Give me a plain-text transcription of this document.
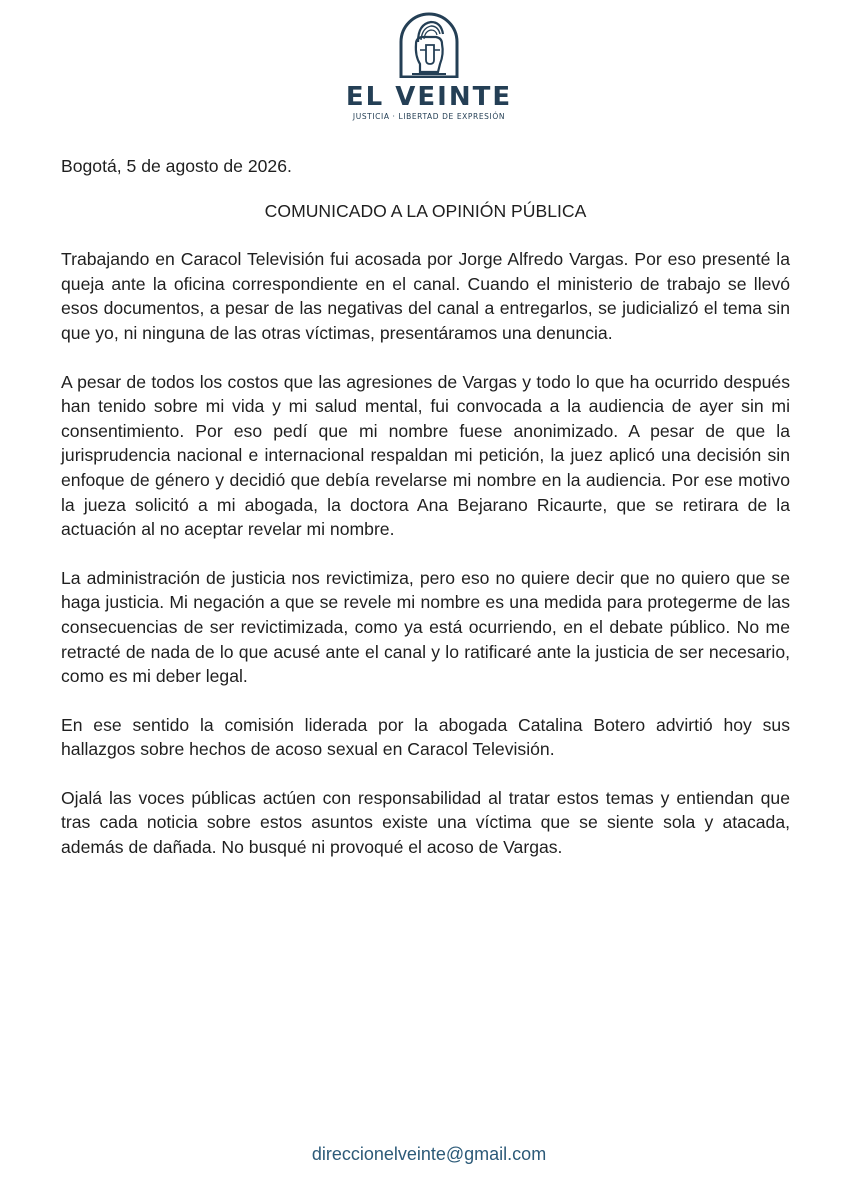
EL VEINTE
JUSTICIA · LIBERTAD DE EXPRESIÓN

Bogotá, 5 de agosto de 2026.

COMUNICADO A LA OPINIÓN PÚBLICA

Trabajando en Caracol Televisión fui acosada por Jorge Alfredo Vargas. Por eso presenté la queja ante la oficina correspondiente en el canal. Cuando el ministerio de trabajo se llevó esos documentos, a pesar de las negativas del canal a entregarlos, se judicializó el tema sin que yo, ni ninguna de las otras víctimas, presentáramos una denuncia.

A pesar de todos los costos que las agresiones de Vargas y todo lo que ha ocurrido después han tenido sobre mi vida y mi salud mental, fui convocada a la audiencia de ayer sin mi consentimiento. Por eso pedí que mi nombre fuese anonimizado. A pesar de que la jurisprudencia nacional e internacional respaldan mi petición, la juez aplicó una decisión sin enfoque de género y decidió que debía revelarse mi nombre en la audiencia. Por ese motivo la jueza solicitó a mi abogada, la doctora Ana Bejarano Ricaurte, que se retirara de la actuación al no aceptar revelar mi nombre.

La administración de justicia nos revictimiza, pero eso no quiere decir que no quiero que se haga justicia. Mi negación a que se revele mi nombre es una medida para protegerme de las consecuencias de ser revictimizada, como ya está ocurriendo, en el debate público. No me retracté de nada de lo que acusé ante el canal y lo ratificaré ante la justicia de ser necesario, como es mi deber legal.

En ese sentido la comisión liderada por la abogada Catalina Botero advirtió hoy sus hallazgos sobre hechos de acoso sexual en Caracol Televisión.

Ojalá las voces públicas actúen con responsabilidad al tratar estos temas y entiendan que tras cada noticia sobre estos asuntos existe una víctima que se siente sola y atacada, además de dañada. No busqué ni provoqué el acoso de Vargas.

direccionelveinte@gmail.com
